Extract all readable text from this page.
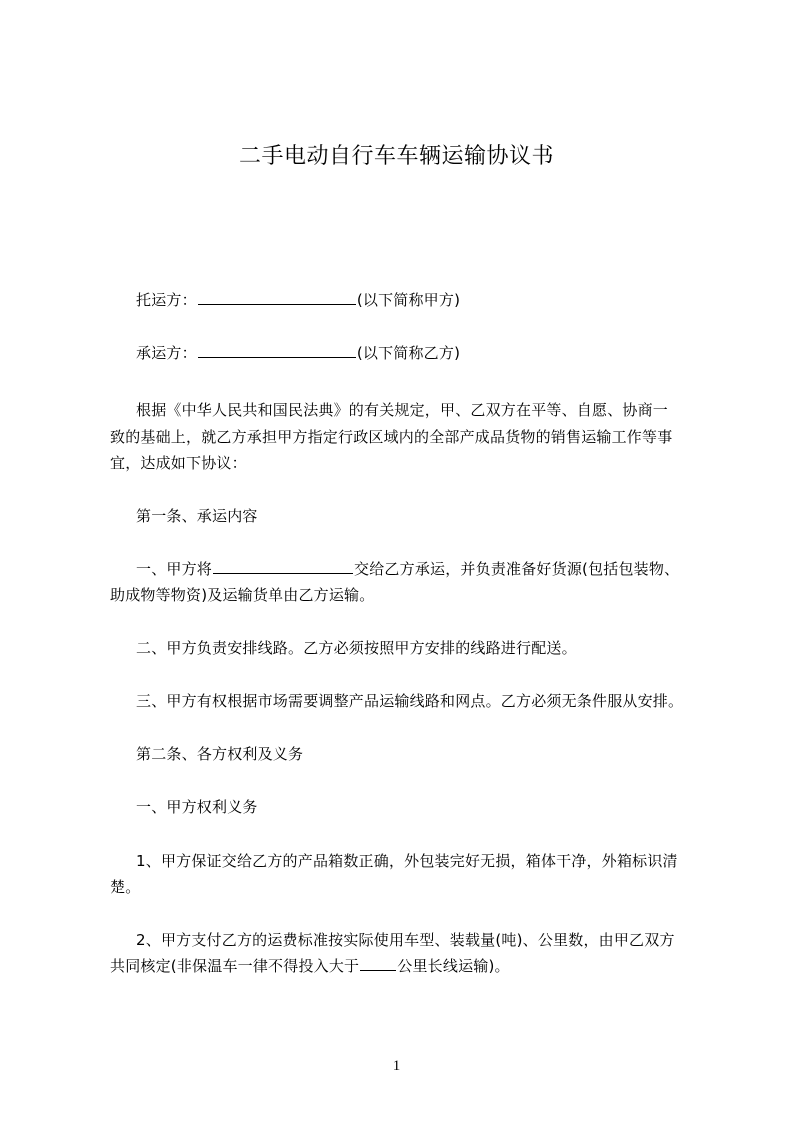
二手电动自行车车辆运输协议书
托运方：	(以下简称甲方)
承运方：	(以下简称乙方)
根据《中华人民共和国民法典》的有关规定，甲、乙双方在平等、自愿、协商一
致的基础上，就乙方承担甲方指定行政区域内的全部产成品货物的销售运输工作等事
宜，达成如下协议：
第一条、承运内容
一、甲方将	交给乙方承运，并负责准备好货源(包括包装物、
助成物等物资)及运输货单由乙方运输。
二、甲方负责安排线路。乙方必须按照甲方安排的线路进行配送。
三、甲方有权根据市场需要调整产品运输线路和网点。乙方必须无条件服从安排。
第二条、各方权利及义务
一、甲方权利义务
1、甲方保证交给乙方的产品箱数正确，外包装完好无损，箱体干净，外箱标识清
楚。
2、甲方支付乙方的运费标准按实际使用车型、装载量(吨)、公里数，由甲乙双方
共同核定(非保温车一律不得投入大于	公里长线运输)。
1
